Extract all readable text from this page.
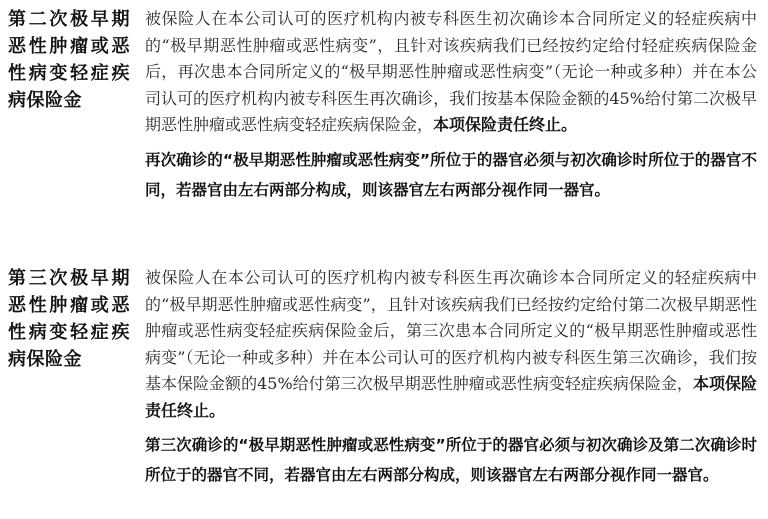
第二次极早期恶性肿瘤或恶性病变轻症疾病保险金

被保险人在本公司认可的医疗机构内被专科医生初次确诊本合同所定义的轻症疾病中的“极早期恶性肿瘤或恶性病变”，且针对该疾病我们已经按约定给付轻症疾病保险金后，再次患本合同所定义的“极早期恶性肿瘤或恶性病变”（无论一种或多种）并在本公司认可的医疗机构内被专科医生再次确诊，我们按基本保险金额的45%给付第二次极早期恶性肿瘤或恶性病变轻症疾病保险金，本项保险责任终止。

再次确诊的“极早期恶性肿瘤或恶性病变”所位于的器官必须与初次确诊时所位于的器官不同，若器官由左右两部分构成，则该器官左右两部分视作同一器官。

第三次极早期恶性肿瘤或恶性病变轻症疾病保险金

被保险人在本公司认可的医疗机构内被专科医生再次确诊本合同所定义的轻症疾病中的“极早期恶性肿瘤或恶性病变”，且针对该疾病我们已经按约定给付第二次极早期恶性肿瘤或恶性病变轻症疾病保险金后，第三次患本合同所定义的“极早期恶性肿瘤或恶性病变”（无论一种或多种）并在本公司认可的医疗机构内被专科医生第三次确诊，我们按基本保险金额的45%给付第三次极早期恶性肿瘤或恶性病变轻症疾病保险金，本项保险责任终止。

第三次确诊的“极早期恶性肿瘤或恶性病变”所位于的器官必须与初次确诊及第二次确诊时所位于的器官不同，若器官由左右两部分构成，则该器官左右两部分视作同一器官。
